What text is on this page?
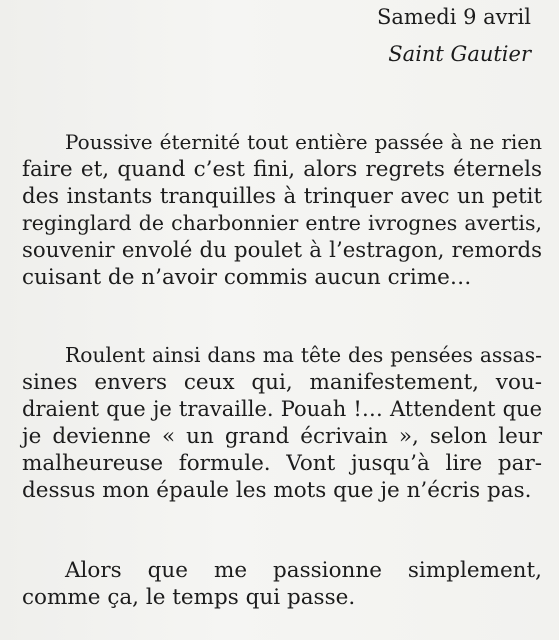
Samedi 9 avril
Saint Gautier
Poussive éternité tout entière passée à ne rien
faire et, quand c’est fini, alors regrets éternels
des instants tranquilles à trinquer avec un petit
reginglard de charbonnier entre ivrognes avertis,
souvenir envolé du poulet à l’estragon, remords
cuisant de n’avoir commis aucun crime…
Roulent ainsi dans ma tête des pensées assas-
sines envers ceux qui, manifestement, vou-
draient que je travaille. Pouah !… Attendent que
je devienne « un grand écrivain », selon leur
malheureuse formule. Vont jusqu’à lire par-
dessus mon épaule les mots que je n’écris pas.
Alors que me passionne simplement,
comme ça, le temps qui passe.
